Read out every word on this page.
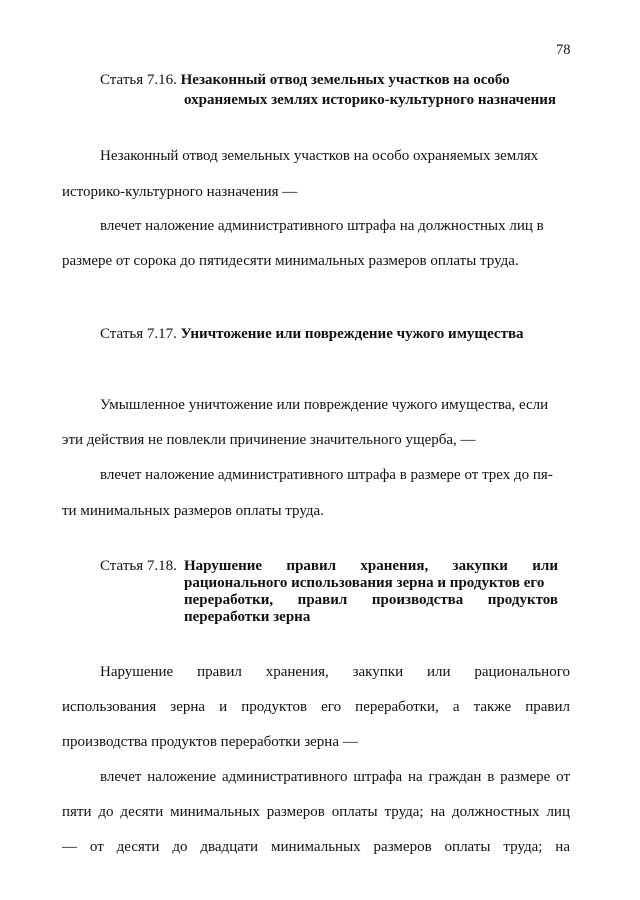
78
Статья 7.16. Незаконный отвод земельных участков на особо
охраняемых землях историко-культурного назначения
Незаконный отвод земельных участков на особо охраняемых землях
историко-культурного назначения —
влечет наложение административного штрафа на должностных лиц в
размере от сорока до пятидесяти минимальных размеров оплаты труда.
Статья 7.17. Уничтожение или повреждение чужого имущества
Умышленное уничтожение или повреждение чужого имущества, если
эти действия не повлекли причинение значительного ущерба, —
влечет наложение административного штрафа в размере от трех до пя-
ти минимальных размеров оплаты труда.
Статья 7.18. Нарушение правил хранения, закупки или
рационального использования зерна и продуктов его
переработки, правил производства продуктов
переработки зерна
Нарушение правил хранения, закупки или рационального
использования зерна и продуктов его переработки, а также правил
производства продуктов переработки зерна —
влечет наложение административного штрафа на граждан в размере от
пяти до десяти минимальных размеров оплаты труда; на должностных лиц
— от десяти до двадцати минимальных размеров оплаты труда; на
